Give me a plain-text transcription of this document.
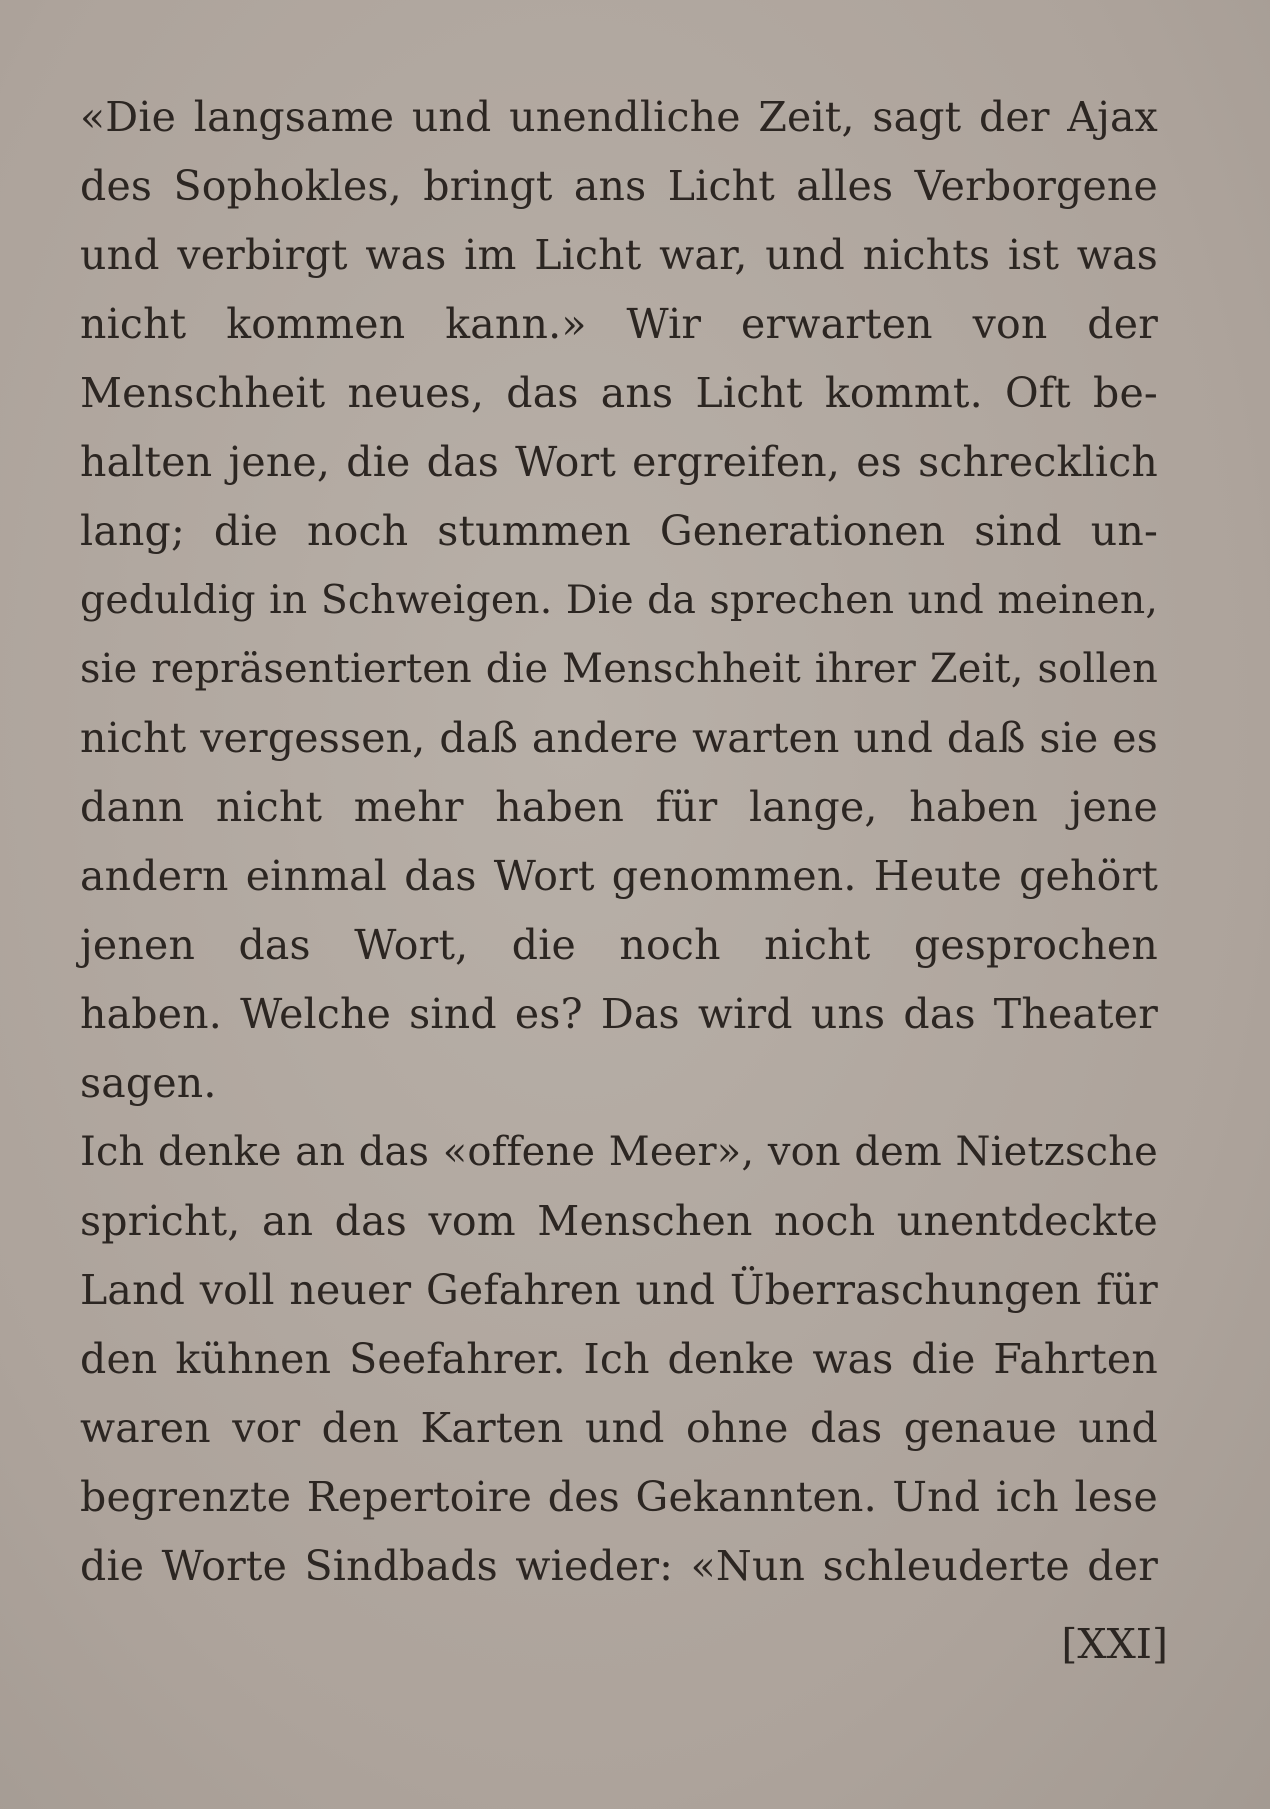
«Die langsame und unendliche Zeit, sagt der Ajax
des Sophokles, bringt ans Licht alles Verborgene
und verbirgt was im Licht war, und nichts ist was
nicht kommen kann.» Wir erwarten von der
Menschheit neues, das ans Licht kommt. Oft be-
halten jene, die das Wort ergreifen, es schrecklich
lang; die noch stummen Generationen sind un-
geduldig in Schweigen. Die da sprechen und meinen,
sie repräsentierten die Menschheit ihrer Zeit, sollen
nicht vergessen, daß andere warten und daß sie es
dann nicht mehr haben für lange, haben jene
andern einmal das Wort genommen. Heute gehört
jenen das Wort, die noch nicht gesprochen
haben. Welche sind es? Das wird uns das Theater
sagen.
Ich denke an das «offene Meer», von dem Nietzsche
spricht, an das vom Menschen noch unentdeckte
Land voll neuer Gefahren und Überraschungen für
den kühnen Seefahrer. Ich denke was die Fahrten
waren vor den Karten und ohne das genaue und
begrenzte Repertoire des Gekannten. Und ich lese
die Worte Sindbads wieder: «Nun schleuderte der
[XXI]
